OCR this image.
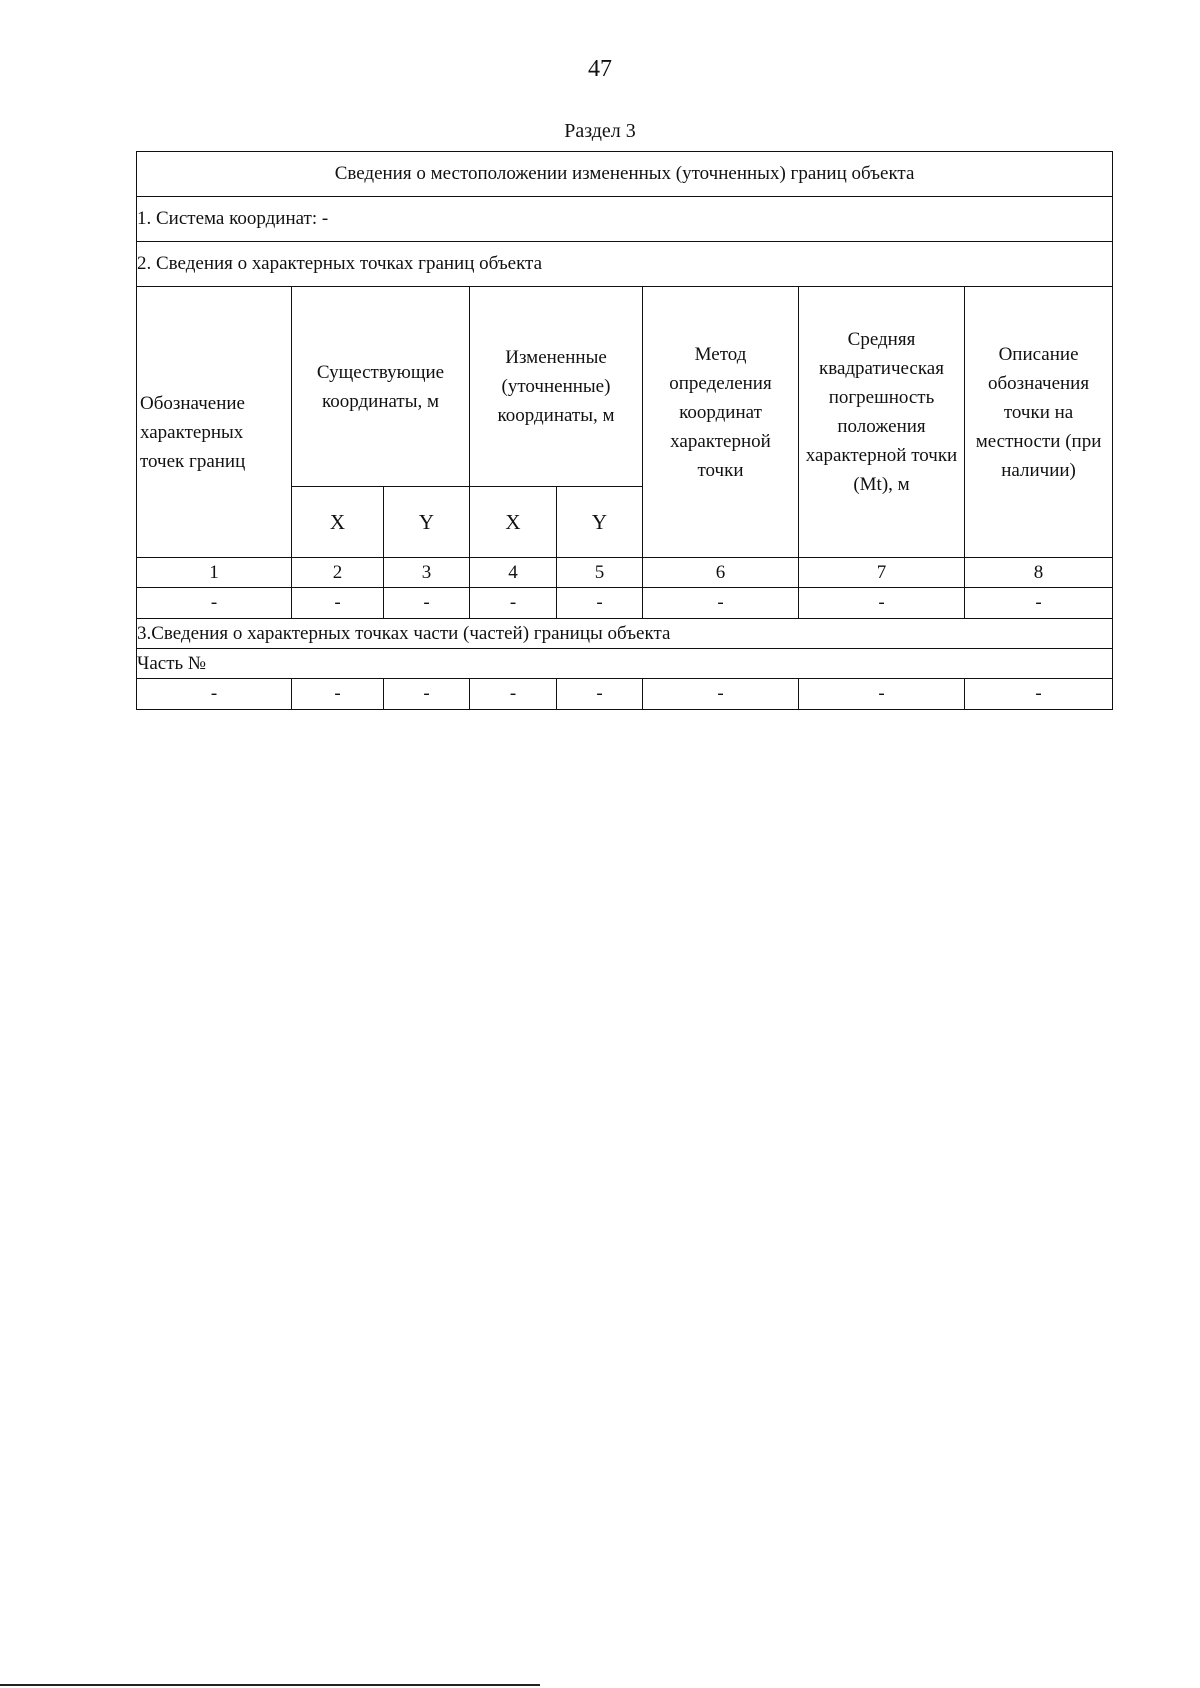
47
Раздел 3
Сведения о местоположении измененных (уточненных) границ объекта							
1. Система координат: -							
2. Сведения о характерных точках границ объекта							
Обозначение характерных точек границ	Существующие координаты, м		Измененные (уточненные) координаты, м		Метод определения координат характерной точки	Средняя квадратическая погрешность положения характерной точки (Mt), м	Описание обозначения точки на местности (при наличии)
	X	Y	X	Y			
1	2	3	4	5	6	7	8
-	-	-	-	-	-	-	-
3.Сведения о характерных точках части (частей) границы объекта							
Часть №							
-	-	-	-	-	-	-	-
